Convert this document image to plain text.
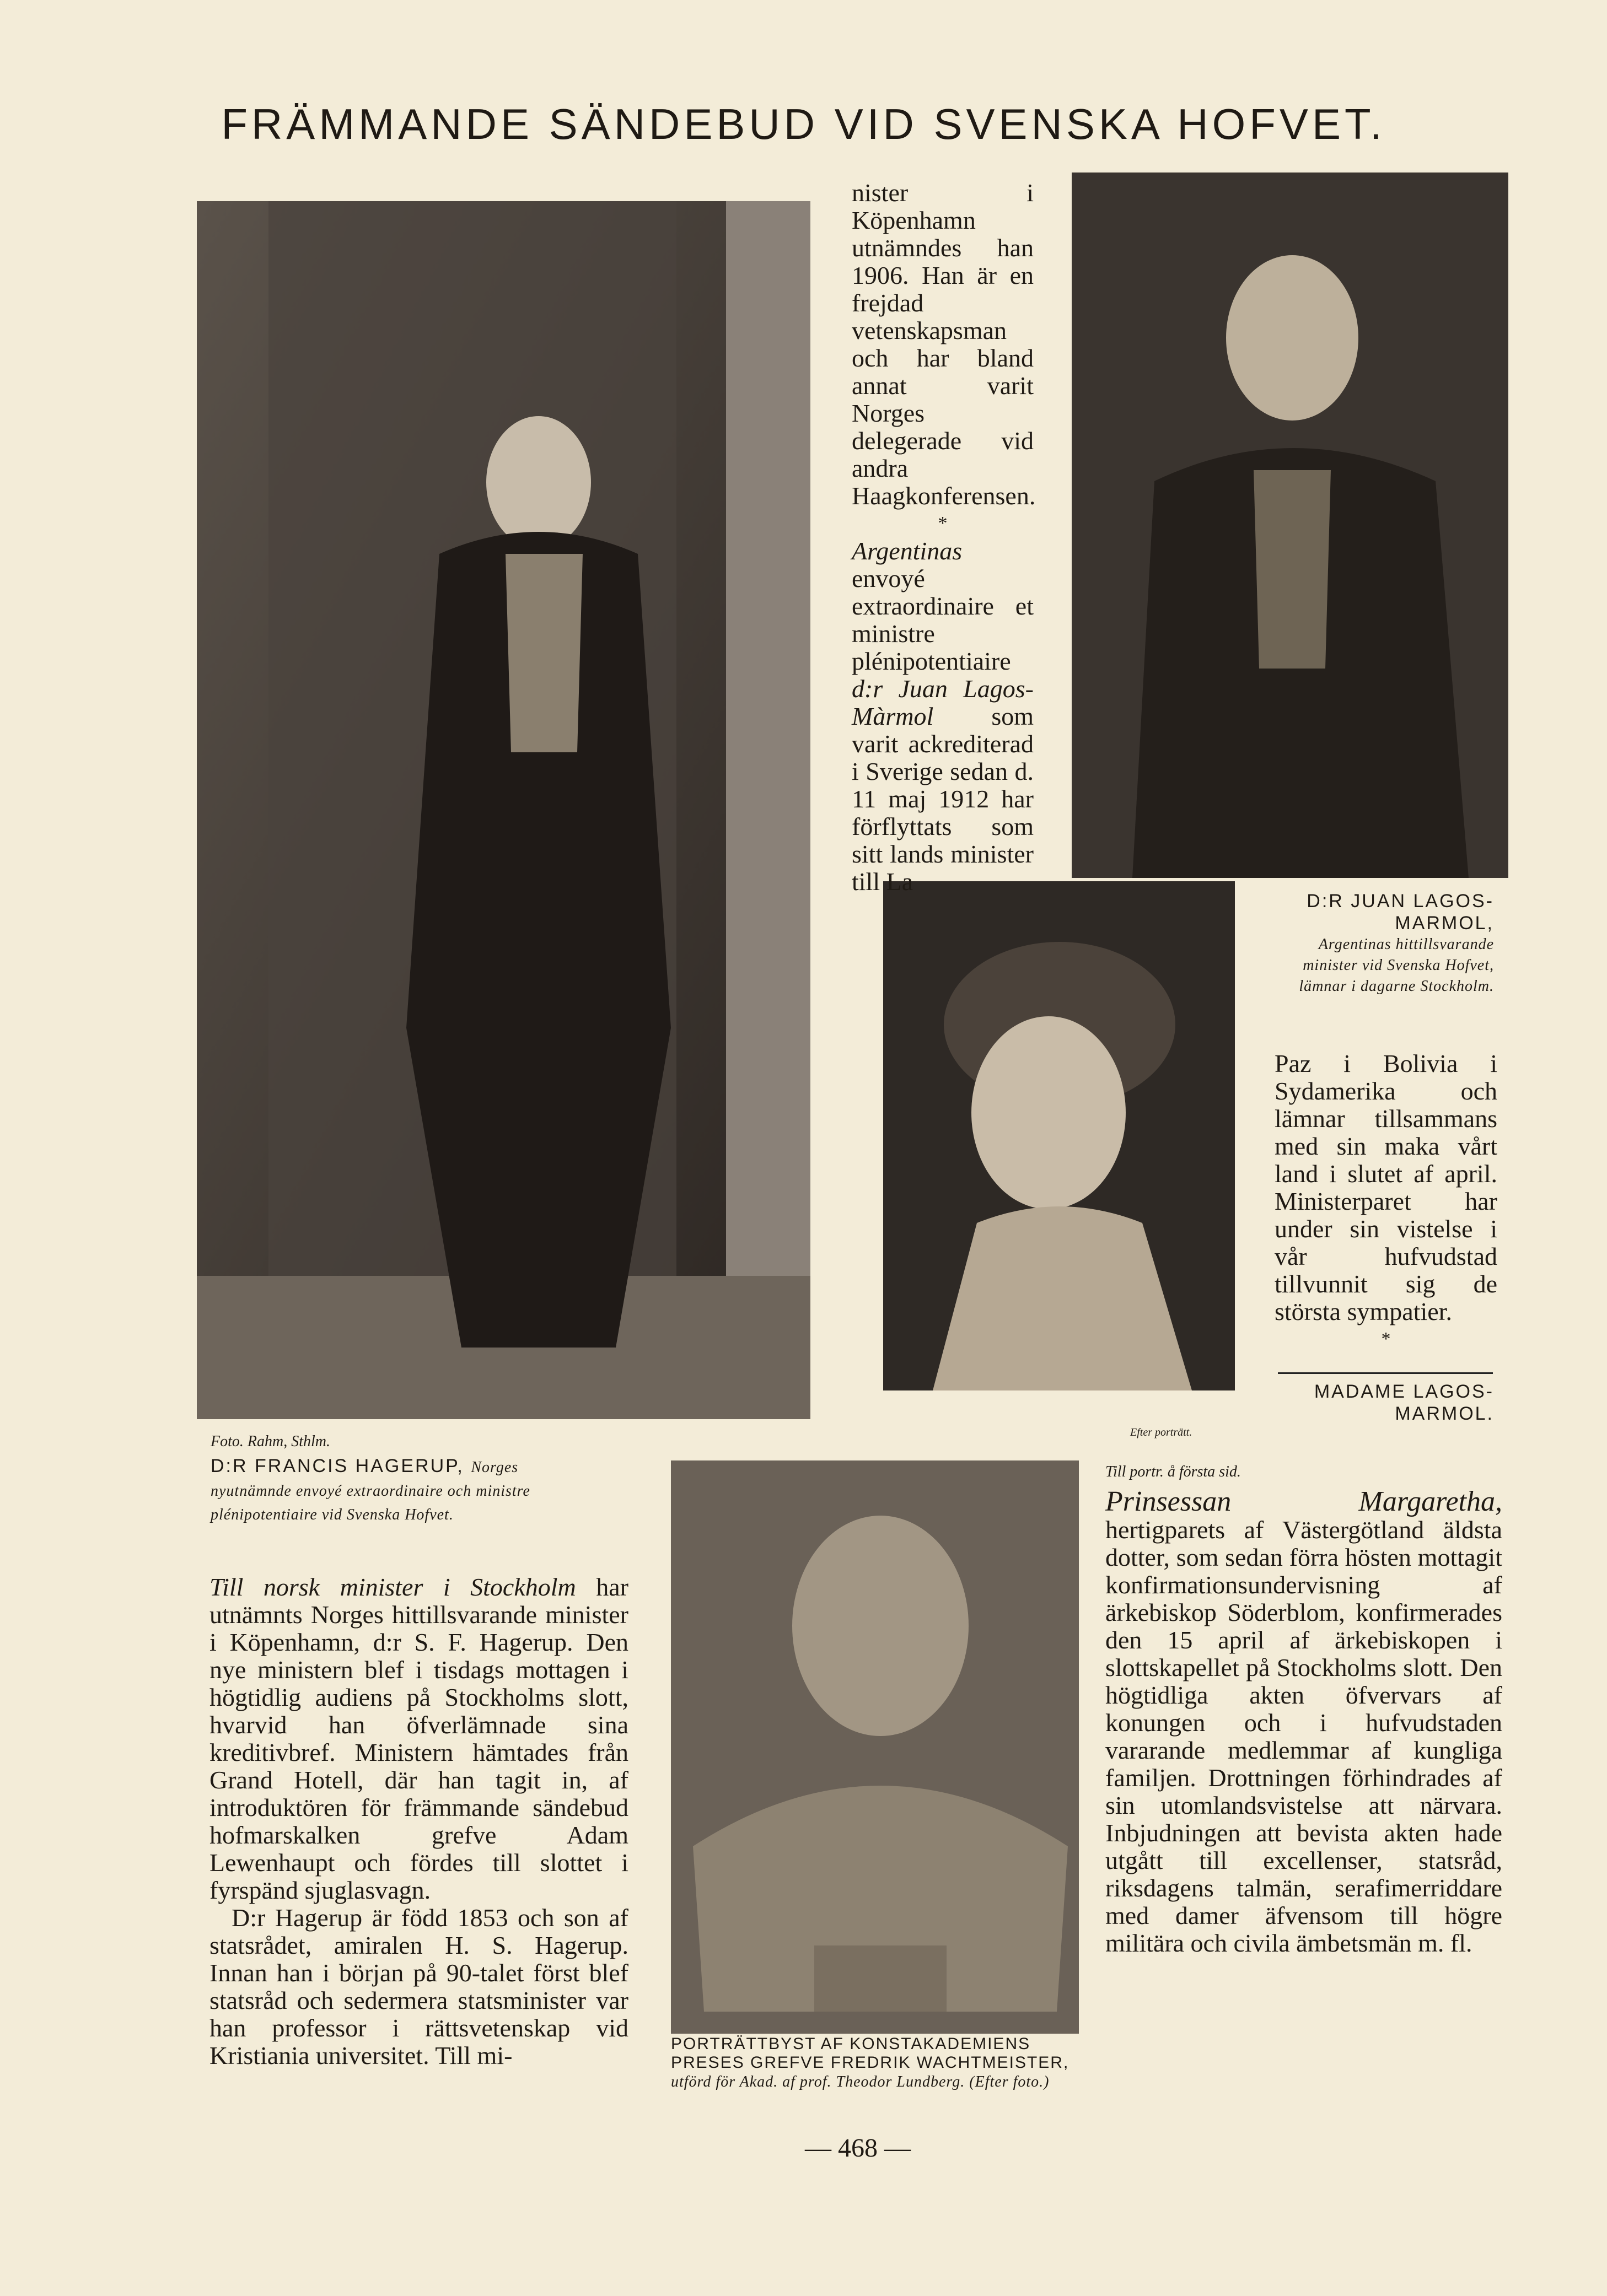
FRÄMMANDE SÄNDEBUD VID SVENSKA HOFVET.

nister i Köpenhamn utnämndes han 1906. Han är en frejdad vetenskapsman och har bland annat varit Norges delegerade vid andra Haagkonferensen.

*

Argentinas envoyé extraordinaire et ministre plénipotentiaire d:r Juan Lagos-Màrmol som varit ackrediterad i Sverige sedan d. 11 maj 1912 har förflyttats som sitt lands minister till La

D:R JUAN LAGOS-MARMOL,
Argentinas hittillsvarande minister vid Svenska Hofvet, lämnar i dagarne Stockholm.

Paz i Bolivia i Sydamerika och lämnar tillsammans med sin maka vårt land i slutet af april. Ministerparet har under sin vistelse i vår hufvudstad tillvunnit sig de största sympatier.

*
MADAME LAGOS-MARMOL.
Efter porträtt.
Foto. Rahm, Sthlm.
D:R FRANCIS HAGERUP, Norges nyutnämnde envoyé extraordinaire och ministre plénipotentiaire vid Svenska Hofvet.

Till norsk minister i Stockholm har utnämnts Norges hittillsvarande minister i Köpenhamn, d:r S. F. Hagerup. Den nye ministern blef i tisdags mottagen i högtidlig audiens på Stockholms slott, hvarvid han öfverlämnade sina kreditivbref. Ministern hämtades från Grand Hotell, där han tagit in, af introduktören för främmande sändebud hofmarskalken grefve Adam Lewenhaupt och fördes till slottet i fyrspänd sjuglasvagn.

D:r Hagerup är född 1853 och son af statsrådet, amiralen H. S. Hagerup. Innan han i början på 90-talet först blef statsråd och sedermera statsminister var han professor i rättsvetenskap vid Kristiania universitet. Till mi-	PORTRÄTTBYST AF KONSTAKADEMIENS PRESES GREFVE FREDRIK WACHTMEISTER, utförd för Akad. af prof. Theodor Lundberg. (Efter foto.)
Till portr. å första sid.

Prinsessan Margaretha, hertigparets af Västergötland äldsta dotter, som sedan förra hösten mottagit konfirmationsundervisning af ärkebiskop Söderblom, konfirmerades den 15 april af ärkebiskopen i slottskapellet på Stockholms slott. Den högtidliga akten öfvervars af konungen och i hufvudstaden vararande medlemmar af kungliga familjen. Drottningen förhindrades af sin utomlandsvistelse att närvara. Inbjudningen att bevista akten hade utgått till excellenser, statsråd, riksdagens talmän, serafimerriddare med damer äfvensom till högre militära och civila ämbetsmän m. fl.

— 468 —
